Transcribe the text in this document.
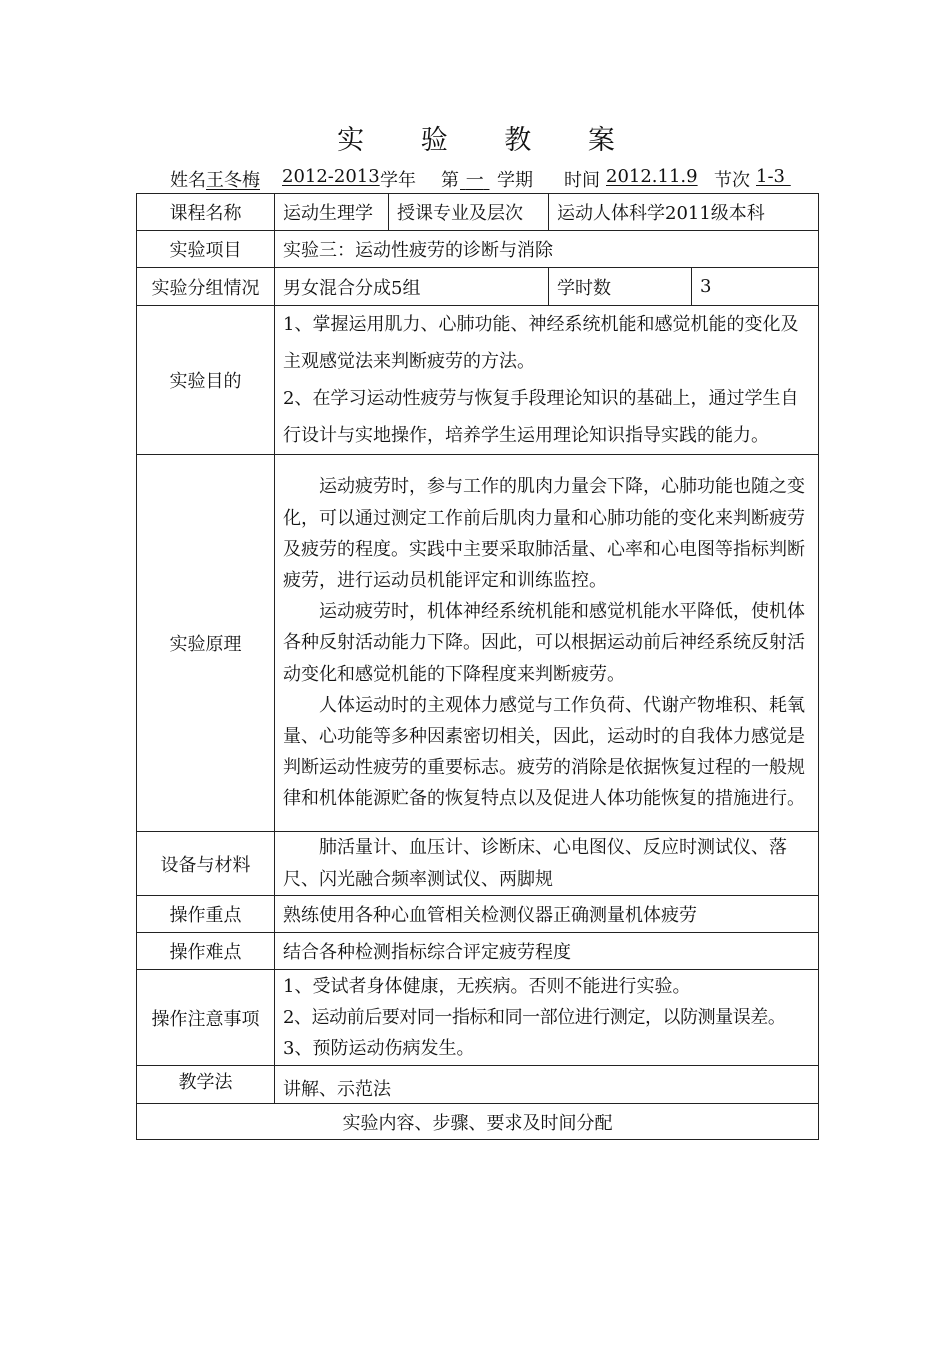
实 验 教 案
姓名 王冬梅 2012-2013 学年 第 一 学期 时间 2012.11.9 节次 1-3
课程名称	运动生理学	授课专业及层次	运动人体科学2011级本科	
实验项目	实验三：运动性疲劳的诊断与消除			
实验分组情况	男女混合分成5组		学时数	3
实验目的	1、掌握运用肌力、心肺功能、神经系统机能和感觉机能的变化及主观感觉法来判断疲劳的方法。

2、在学习运动性疲劳与恢复手段理论知识的基础上，通过学生自行设计与实地操作，培养学生运用理论知识指导实践的能力。			

实验原理	运动疲劳时，参与工作的肌肉力量会下降，心肺功能也随之变化，可以通过测定工作前后肌肉力量和心肺功能的变化来判断疲劳及疲劳的程度。实践中主要采取肺活量、心率和心电图等指标判断疲劳，进行运动员机能评定和训练监控。

运动疲劳时，机体神经系统机能和感觉机能水平降低，使机体各种反射活动能力下降。因此，可以根据运动前后神经系统反射活动变化和感觉机能的下降程度来判断疲劳。

人体运动时的主观体力感觉与工作负荷、代谢产物堆积、耗氧量、心功能等多种因素密切相关，因此，运动时的自我体力感觉是判断运动性疲劳的重要标志。疲劳的消除是依据恢复过程的一般规律和机体能源贮备的恢复特点以及促进人体功能恢复的措施进行。			

设备与材料	肺活量计、血压计、诊断床、心电图仪、反应时测试仪、落尺、闪光融合频率测试仪、两脚规			

操作重点	熟练使用各种心血管相关检测仪器正确测量机体疲劳			
操作难点	结合各种检测指标综合评定疲劳程度			
操作注意事项	1、受试者身体健康，无疾病。否则不能进行实验。

2、运动前后要对同一指标和同一部位进行测定，以防测量误差。

3、预防运动伤病发生。			

教学法	讲解、示范法			
实验内容、步骤、要求及时间分配				
